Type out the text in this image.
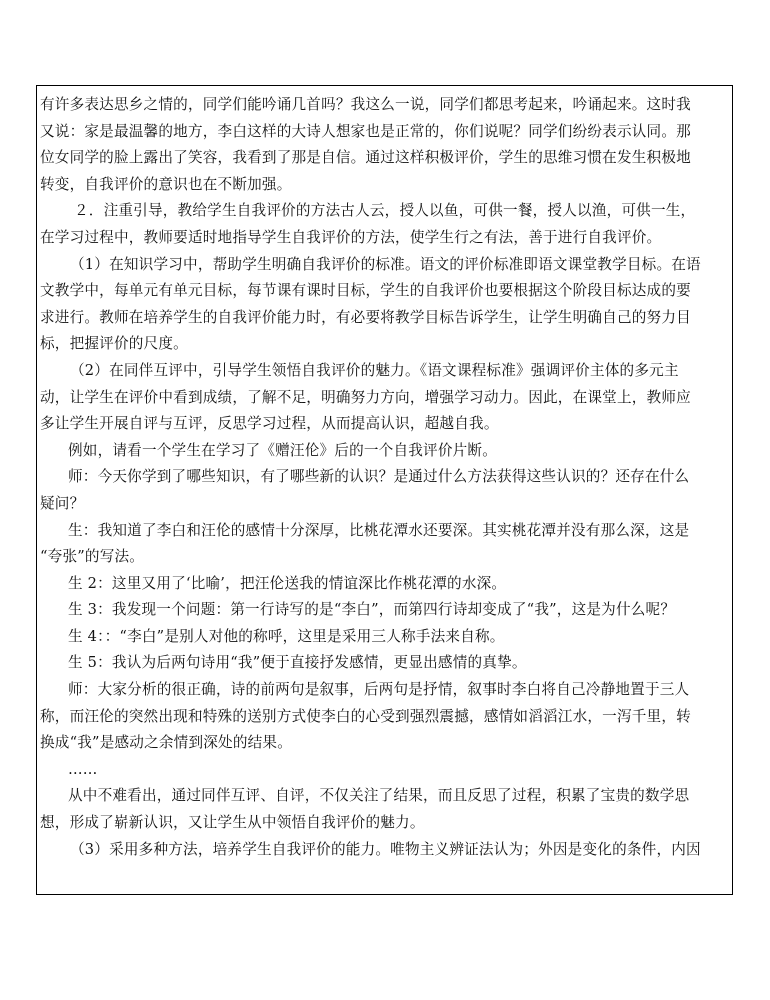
有许多表达思乡之情的，同学们能吟诵几首吗？我这么一说，同学们都思考起来，吟诵起来。这时我
又说：家是最温馨的地方，李白这样的大诗人想家也是正常的，你们说呢？同学们纷纷表示认同。那
位女同学的脸上露出了笑容，我看到了那是自信。通过这样积极评价，学生的思维习惯在发生积极地
转变，自我评价的意识也在不断加强。
２．注重引导，教给学生自我评价的方法古人云，授人以鱼，可供一餐，授人以渔，可供一生，
在学习过程中，教师要适时地指导学生自我评价的方法，使学生行之有法，善于进行自我评价。
（1）在知识学习中，帮助学生明确自我评价的标准。语文的评价标准即语文课堂教学目标。在语
文教学中，每单元有单元目标，每节课有课时目标，学生的自我评价也要根据这个阶段目标达成的要
求进行。教师在培养学生的自我评价能力时，有必要将教学目标告诉学生，让学生明确自己的努力目
标，把握评价的尺度。
（2）在同伴互评中，引导学生领悟自我评价的魅力。《语文课程标准》强调评价主体的多元主
动，让学生在评价中看到成绩，了解不足，明确努力方向，增强学习动力。因此，在课堂上，教师应
多让学生开展自评与互评，反思学习过程，从而提高认识，超越自我。
例如，请看一个学生在学习了《赠汪伦》后的一个自我评价片断。
师：今天你学到了哪些知识，有了哪些新的认识？是通过什么方法获得这些认识的？还存在什么
疑问？
生：我知道了李白和汪伦的感情十分深厚，比桃花潭水还要深。其实桃花潭并没有那么深，这是
“夸张”的写法。
生 2：这里又用了‘比喻’，把汪伦送我的情谊深比作桃花潭的水深。
生 3：我发现一个问题：第一行诗写的是“李白”，而第四行诗却变成了“我”，这是为什么呢？
生 4：：“李白”是别人对他的称呼，这里是采用三人称手法来自称。
生 5：我认为后两句诗用“我”便于直接抒发感情，更显出感情的真挚。
师：大家分析的很正确，诗的前两句是叙事，后两句是抒情，叙事时李白将自己冷静地置于三人
称，而汪伦的突然出现和特殊的送别方式使李白的心受到强烈震撼，感情如滔滔江水，一泻千里，转
换成“我”是感动之余情到深处的结果。
……
从中不难看出，通过同伴互评、自评，不仅关注了结果，而且反思了过程，积累了宝贵的数学思
想，形成了崭新认识，又让学生从中领悟自我评价的魅力。
（3）采用多种方法，培养学生自我评价的能力。唯物主义辨证法认为；外因是变化的条件，内因
